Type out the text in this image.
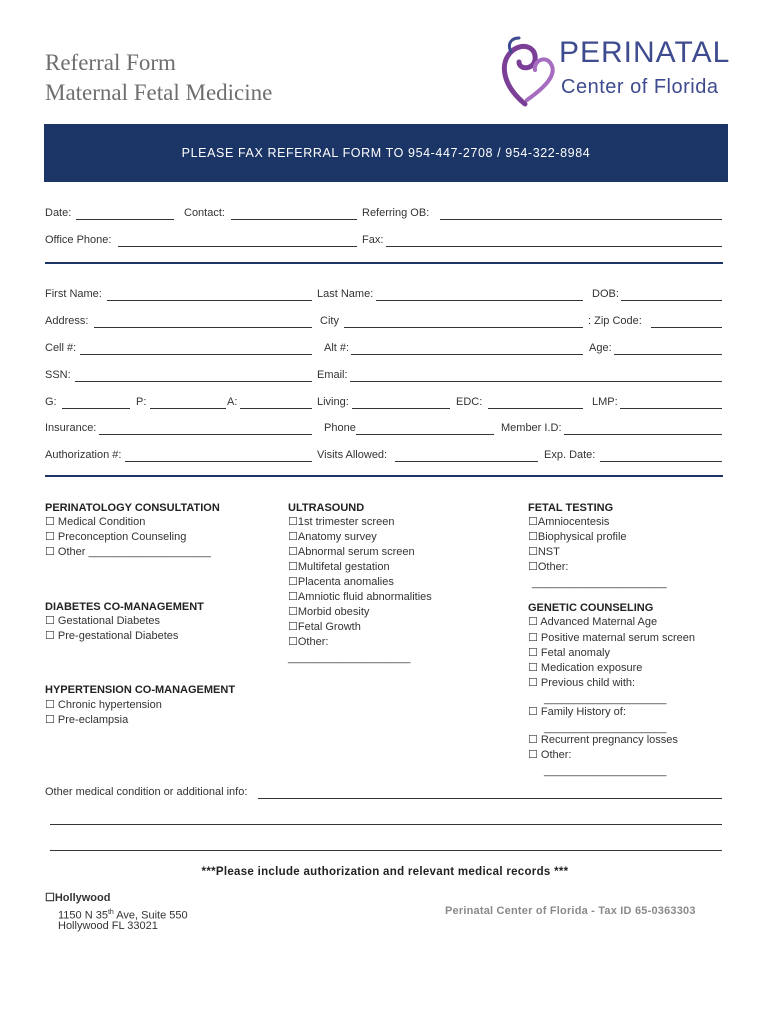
Referral Form
Maternal Fetal Medicine
PERINATAL
Center of Florida
PLEASE FAX REFERRAL FORM TO 954-447-2708 / 954-322-8984
Date:	Contact:	Referring OB:
Office Phone:	Fax:
First Name:	Last Name:	DOB:
Address:	City	: Zip Code:
Cell #:	Alt #:	Age:
SSN:	Email:
G:	P:	A:	Living:	EDC:	LMP:
Insurance:	Phone	Member I.D:
Authorization #:	Visits Allowed:	Exp. Date:
PERINATOLOGY CONSULTATION
☐ Medical Condition
☐ Preconception Counseling
☐ Other ____________________
DIABETES CO-MANAGEMENT
☐ Gestational Diabetes
☐ Pre-gestational Diabetes
HYPERTENSION CO-MANAGEMENT
☐ Chronic hypertension
☐ Pre-eclampsia
ULTRASOUND
☐1st trimester screen
☐Anatomy survey
☐Abnormal serum screen
☐Multifetal gestation
☐Placenta anomalies
☐Amniotic fluid abnormalities
☐Morbid obesity
☐Fetal Growth
☐Other:
____________________
FETAL TESTING
☐Amniocentesis
☐Biophysical profile
☐NST
☐Other:
______________________
GENETIC COUNSELING
☐ Advanced Maternal Age
☐ Positive maternal serum screen
☐ Fetal anomaly
☐ Medication exposure
☐ Previous child with:
____________________
☐ Family History of:
____________________
☐ Recurrent pregnancy losses
☐ Other:
____________________
Other medical condition or additional info:
***Please include authorization and relevant medical records ***
☐Hollywood
1150 N 35th Ave, Suite 550
Hollywood FL 33021
Perinatal Center of Florida - Tax ID 65-0363303
